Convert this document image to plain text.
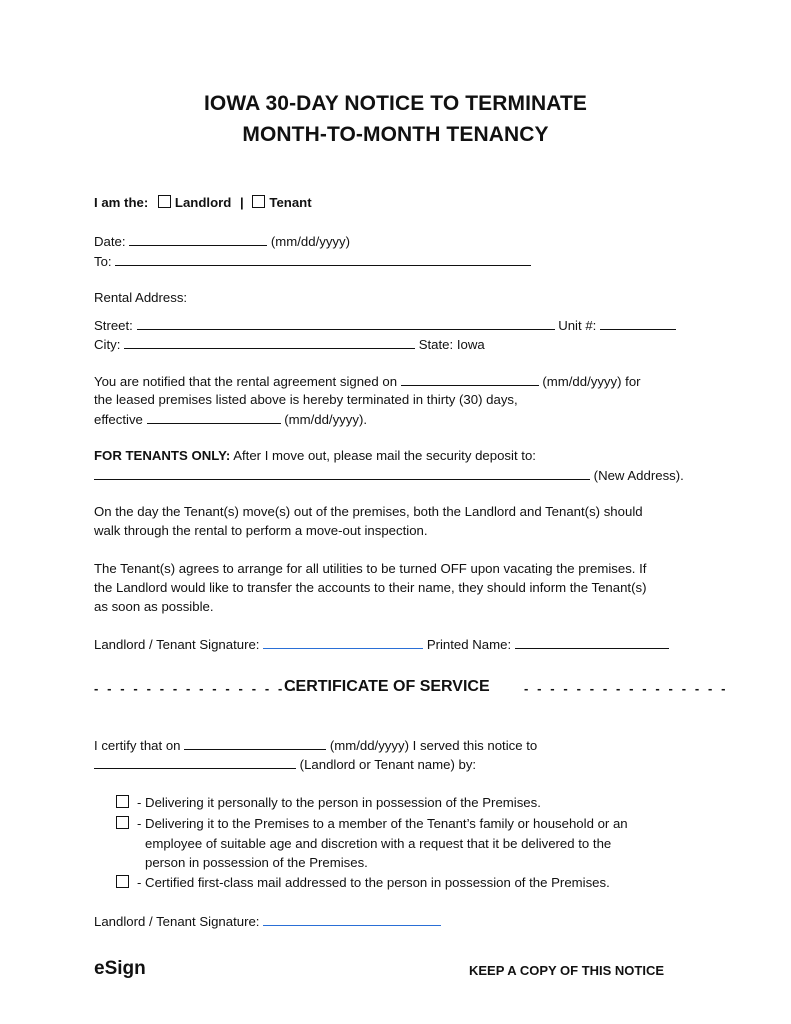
IOWA 30-DAY NOTICE TO TERMINATE
MONTH-TO-MONTH TENANCY
I am the: Landlord | Tenant
Date:	(mm/dd/yyyy)
To:
Rental Address:
Street:	Unit #:
City:	State: Iowa
You are notified that the rental agreement signed on	(mm/dd/yyyy) for
the leased premises listed above is hereby terminated in thirty (30) days,
effective	(mm/dd/yyyy).
FOR TENANTS ONLY: After I move out, please mail the security deposit to:
(New Address).
On the day the Tenant(s) move(s) out of the premises, both the Landlord and Tenant(s) should
walk through the rental to perform a move-out inspection.
The Tenant(s) agrees to arrange for all utilities to be turned OFF upon vacating the premises. If
the Landlord would like to transfer the accounts to their name, they should inform the Tenant(s)
as soon as possible.
Landlord / Tenant Signature:	Printed Name:
- - - - - - - - - - - - - - - -
CERTIFICATE OF SERVICE	- - - - - - - - - - - - - - - -
I certify that on	(mm/dd/yyyy) I served this notice to
(Landlord or Tenant name) by:
- Delivering it personally to the person in possession of the Premises.
- Delivering it to the Premises to a member of the Tenant’s family or household or an
employee of suitable age and discretion with a request that it be delivered to the
person in possession of the Premises.
- Certified first-class mail addressed to the person in possession of the Premises.
Landlord / Tenant Signature:
eSign	KEEP A COPY OF THIS NOTICE
